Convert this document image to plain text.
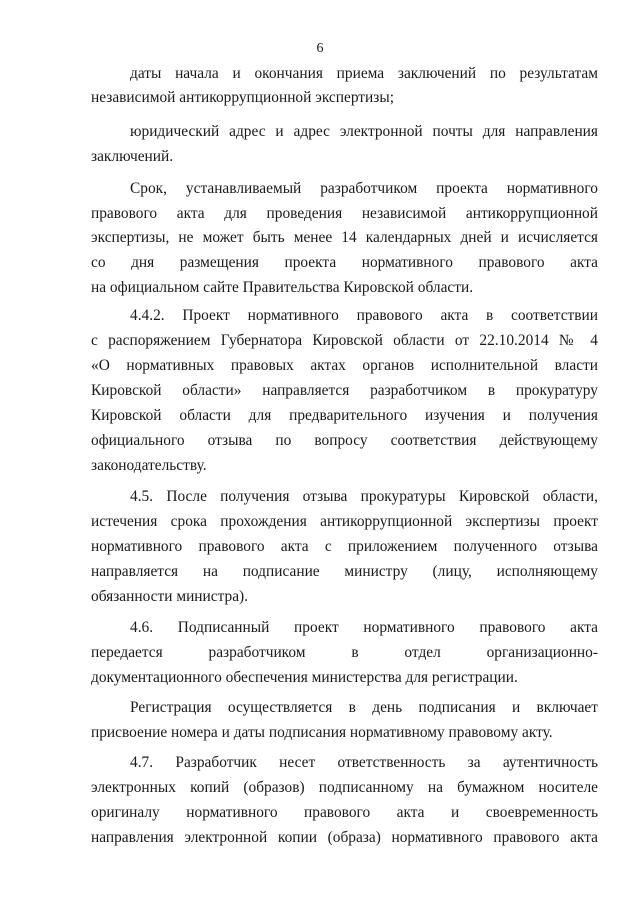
6
даты начала и окончания приема заключений по результатам
независимой антикоррупционной экспертизы;
юридический адрес и адрес электронной почты для направления
заключений.
Срок, устанавливаемый разработчиком проекта нормативного
правового акта для проведения независимой антикоррупционной
экспертизы, не может быть менее 14 календарных дней и исчисляется
со дня размещения проекта нормативного правового акта
на официальном сайте Правительства Кировской области.
4.4.2. Проект нормативного правового акта в соответствии
с распоряжением Губернатора Кировской области от 22.10.2014 № 4
«О нормативных правовых актах органов исполнительной власти
Кировской области» направляется разработчиком в прокуратуру
Кировской области для предварительного изучения и получения
официального отзыва по вопросу соответствия действующему
законодательству.
4.5. После получения отзыва прокуратуры Кировской области,
истечения срока прохождения антикоррупционной экспертизы проект
нормативного правового акта с приложением полученного отзыва
направляется на подписание министру (лицу, исполняющему
обязанности министра).
4.6. Подписанный проект нормативного правового акта
передается разработчиком в отдел организационно-
документационного обеспечения министерства для регистрации.
Регистрация осуществляется в день подписания и включает
присвоение номера и даты подписания нормативному правовому акту.
4.7. Разработчик несет ответственность за аутентичность
электронных копий (образов) подписанному на бумажном носителе
оригиналу нормативного правового акта и своевременность
направления электронной копии (образа) нормативного правового акта
